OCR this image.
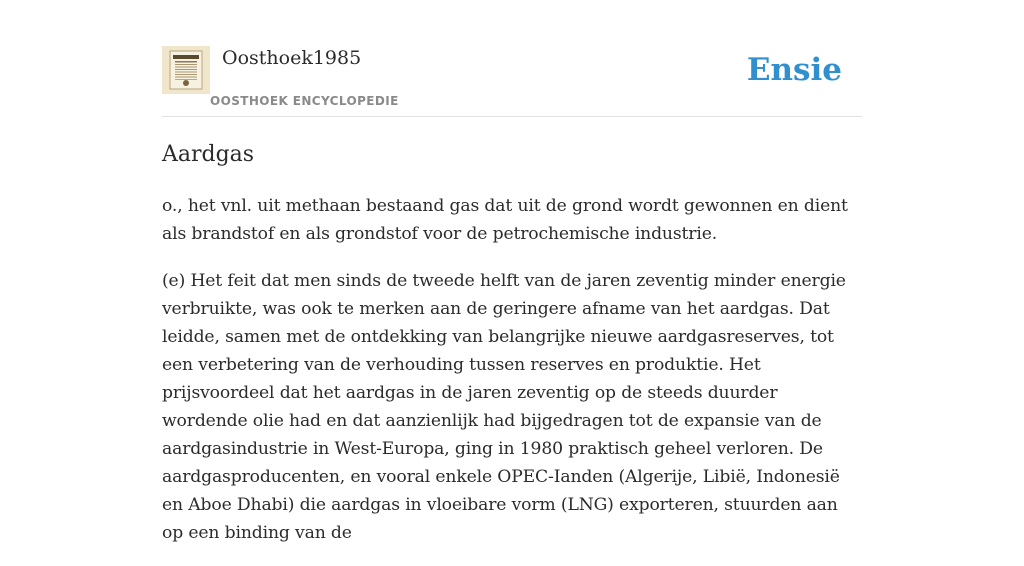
Oosthoek1985
OOSTHOEK ENCYCLOPEDIE
Ensie
Aardgas

o., het vnl. uit methaan bestaand gas dat uit de grond wordt gewonnen en dient als brandstof en als grondstof voor de petrochemische industrie.

(e) Het feit dat men sinds de tweede helft van de jaren zeventig minder energie verbruikte, was ook te merken aan de geringere afname van het aardgas. Dat leidde, samen met de ontdekking van belangrijke nieuwe aardgasreserves, tot een verbetering van de verhouding tussen reserves en produktie. Het prijsvoordeel dat het aardgas in de jaren zeventig op de steeds duurder wordende olie had en dat aanzienlijk had bijgedragen tot de expansie van de aardgasindustrie in West-Europa, ging in 1980 praktisch geheel verloren. De aardgasproducenten, en vooral enkele OPEC-Ianden (Algerije, Libië, Indonesië en Aboe Dhabi) die aardgas in vloeibare vorm (LNG) exporteren, stuurden aan op een binding van de
